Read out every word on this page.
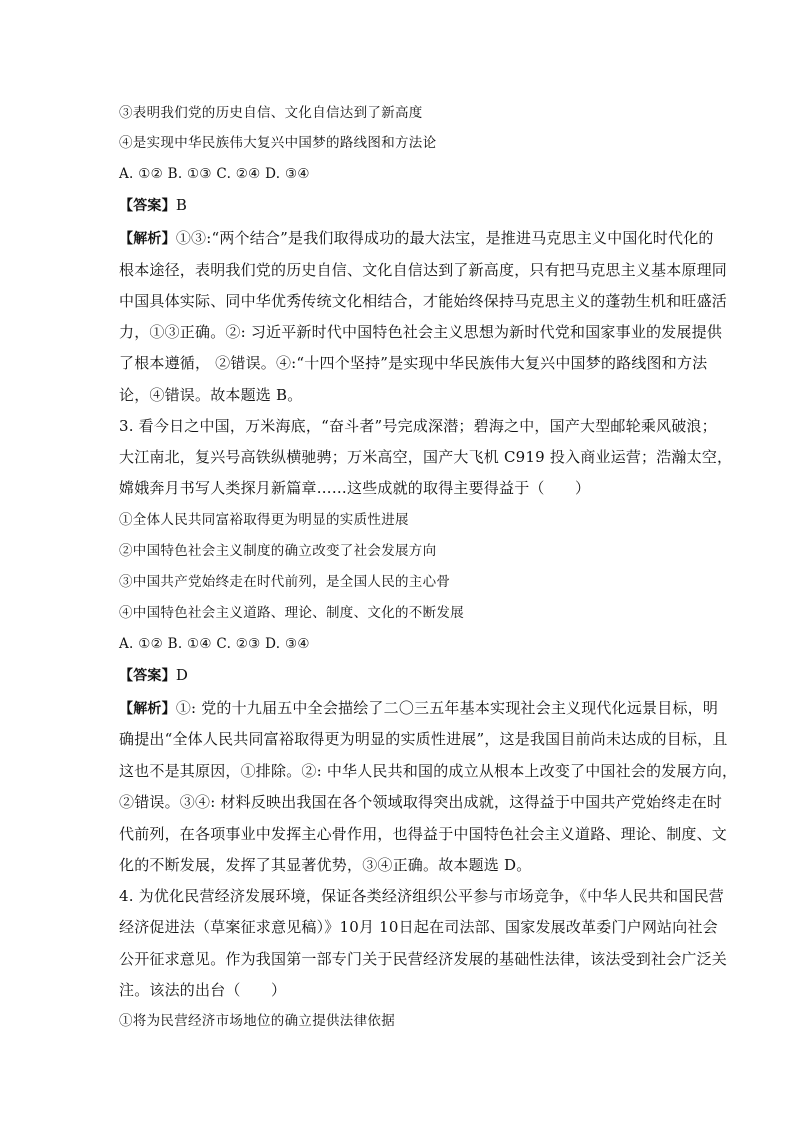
③表明我们党的历史自信、文化自信达到了新高度
④是实现中华民族伟大复兴中国梦的路线图和方法论
A. ①② B. ①③ C. ②④ D. ③④
【答案】B
【解析】①③:“两个结合”是我们取得成功的最大法宝，是推进马克思主义中国化时代化的
根本途径，表明我们党的历史自信、文化自信达到了新高度，只有把马克思主义基本原理同
中国具体实际、同中华优秀传统文化相结合，才能始终保持马克思主义的蓬勃生机和旺盛活
力，①③正确。②: 习近平新时代中国特色社会主义思想为新时代党和国家事业的发展提供
了根本遵循， ②错误。④:“十四个坚持”是实现中华民族伟大复兴中国梦的路线图和方法
论，④错误。故本题选 B。
3. 看今日之中国，万米海底，“奋斗者”号完成深潜；碧海之中，国产大型邮轮乘风破浪；
大江南北，复兴号高铁纵横驰骋；万米高空，国产大飞机 C919 投入商业运营；浩瀚太空，
嫦娥奔月书写人类探月新篇章……这些成就的取得主要得益于（　　）
①全体人民共同富裕取得更为明显的实质性进展
②中国特色社会主义制度的确立改变了社会发展方向
③中国共产党始终走在时代前列，是全国人民的主心骨
④中国特色社会主义道路、理论、制度、文化的不断发展
A. ①② B. ①④ C. ②③ D. ③④
【答案】D
【解析】①: 党的十九届五中全会描绘了二〇三五年基本实现社会主义现代化远景目标，明
确提出“全体人民共同富裕取得更为明显的实质性进展”，这是我国目前尚未达成的目标，且
这也不是其原因，①排除。②: 中华人民共和国的成立从根本上改变了中国社会的发展方向，
②错误。③④: 材料反映出我国在各个领域取得突出成就，这得益于中国共产党始终走在时
代前列，在各项事业中发挥主心骨作用，也得益于中国特色社会主义道路、理论、制度、文
化的不断发展，发挥了其显著优势，③④正确。故本题选 D。
4. 为优化民营经济发展环境，保证各类经济组织公平参与市场竞争，《中华人民共和国民营
经济促进法（草案征求意见稿）》10月 10日起在司法部、国家发展改革委门户网站向社会
公开征求意见。作为我国第一部专门关于民营经济发展的基础性法律，该法受到社会广泛关
注。该法的出台（　　）
①将为民营经济市场地位的确立提供法律依据
